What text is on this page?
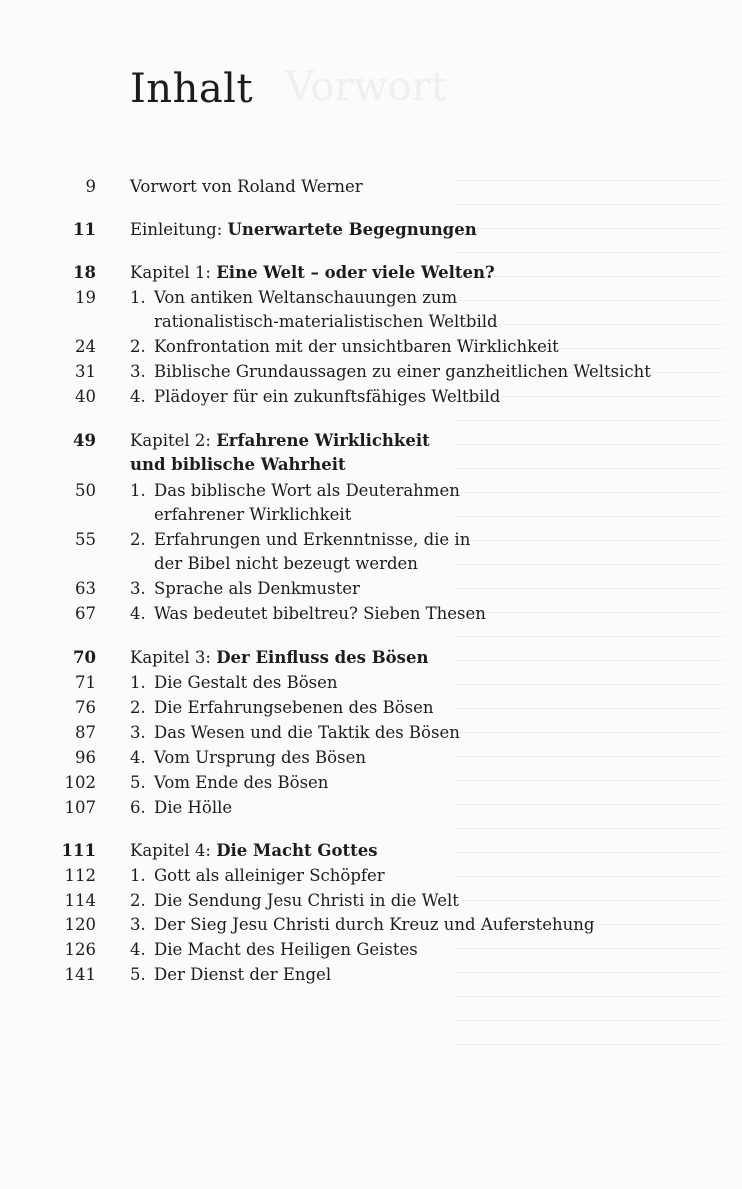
Vorwort
Inhalt
9 Vorwort von Roland Werner
11 Einleitung: Unerwartete Begegnungen
18 Kapitel 1: Eine Welt – oder viele Welten?
19 1. Von antiken Weltanschauungen zum
rationalistisch-materialistischen Weltbild
24 2. Konfrontation mit der unsichtbaren Wirklichkeit
31 3. Biblische Grundaussagen zu einer ganzheitlichen Weltsicht
40 4. Plädoyer für ein zukunftsfähiges Weltbild
49 Kapitel 2: Erfahrene Wirklichkeit
und biblische Wahrheit
50 1. Das biblische Wort als Deuterahmen
erfahrener Wirklichkeit
55 2. Erfahrungen und Erkenntnisse, die in
der Bibel nicht bezeugt werden
63 3. Sprache als Denkmuster
67 4. Was bedeutet bibeltreu? Sieben Thesen
70 Kapitel 3: Der Einfluss des Bösen
71 1. Die Gestalt des Bösen
76 2. Die Erfahrungsebenen des Bösen
87 3. Das Wesen und die Taktik des Bösen
96 4. Vom Ursprung des Bösen
102 5. Vom Ende des Bösen
107 6. Die Hölle
111 Kapitel 4: Die Macht Gottes
112 1. Gott als alleiniger Schöpfer
114 2. Die Sendung Jesu Christi in die Welt
120 3. Der Sieg Jesu Christi durch Kreuz und Auferstehung
126 4. Die Macht des Heiligen Geistes
141 5. Der Dienst der Engel
